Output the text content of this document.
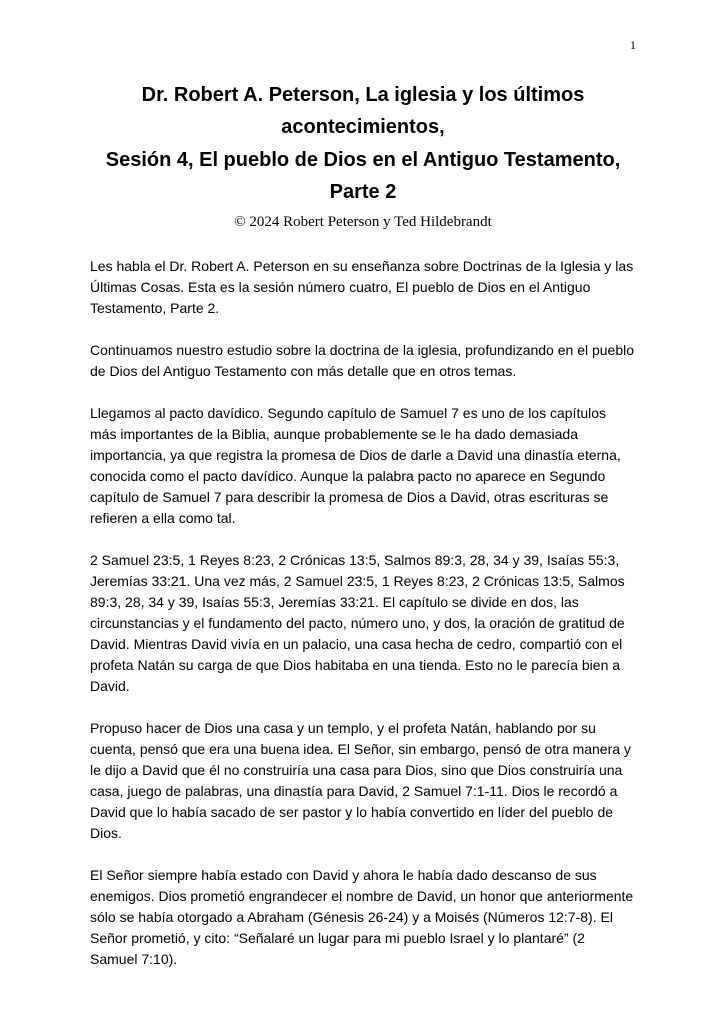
1
Dr. Robert A. Peterson, La iglesia y los últimos acontecimientos,
Sesión 4, El pueblo de Dios en el Antiguo Testamento,
Parte 2
© 2024 Robert Peterson y Ted Hildebrandt

Les habla el Dr. Robert A. Peterson en su enseñanza sobre Doctrinas de la Iglesia y las Últimas Cosas. Esta es la sesión número cuatro, El pueblo de Dios en el Antiguo Testamento, Parte 2.

Continuamos nuestro estudio sobre la doctrina de la iglesia, profundizando en el pueblo de Dios del Antiguo Testamento con más detalle que en otros temas.

Llegamos al pacto davídico. Segundo capítulo de Samuel 7 es uno de los capítulos más importantes de la Biblia, aunque probablemente se le ha dado demasiada importancia, ya que registra la promesa de Dios de darle a David una dinastía eterna, conocida como el pacto davídico. Aunque la palabra pacto no aparece en Segundo capítulo de Samuel 7 para describir la promesa de Dios a David, otras escrituras se refieren a ella como tal.

2 Samuel 23:5, 1 Reyes 8:23, 2 Crónicas 13:5, Salmos 89:3, 28, 34 y 39, Isaías 55:3, Jeremías 33:21. Una vez más, 2 Samuel 23:5, 1 Reyes 8:23, 2 Crónicas 13:5, Salmos 89:3, 28, 34 y 39, Isaías 55:3, Jeremías 33:21. El capítulo se divide en dos, las circunstancias y el fundamento del pacto, número uno, y dos, la oración de gratitud de David. Mientras David vivía en un palacio, una casa hecha de cedro, compartió con el profeta Natán su carga de que Dios habitaba en una tienda. Esto no le parecía bien a David.

Propuso hacer de Dios una casa y un templo, y el profeta Natán, hablando por su cuenta, pensó que era una buena idea. El Señor, sin embargo, pensó de otra manera y le dijo a David que él no construiría una casa para Dios, sino que Dios construiría una casa, juego de palabras, una dinastía para David, 2 Samuel 7:1-11. Dios le recordó a David que lo había sacado de ser pastor y lo había convertido en líder del pueblo de Dios.

El Señor siempre había estado con David y ahora le había dado descanso de sus enemigos. Dios prometió engrandecer el nombre de David, un honor que anteriormente sólo se había otorgado a Abraham (Génesis 26-24) y a Moisés (Números 12:7-8). El Señor prometió, y cito: “Señalaré un lugar para mi pueblo Israel y lo plantaré” (2 Samuel 7:10).
